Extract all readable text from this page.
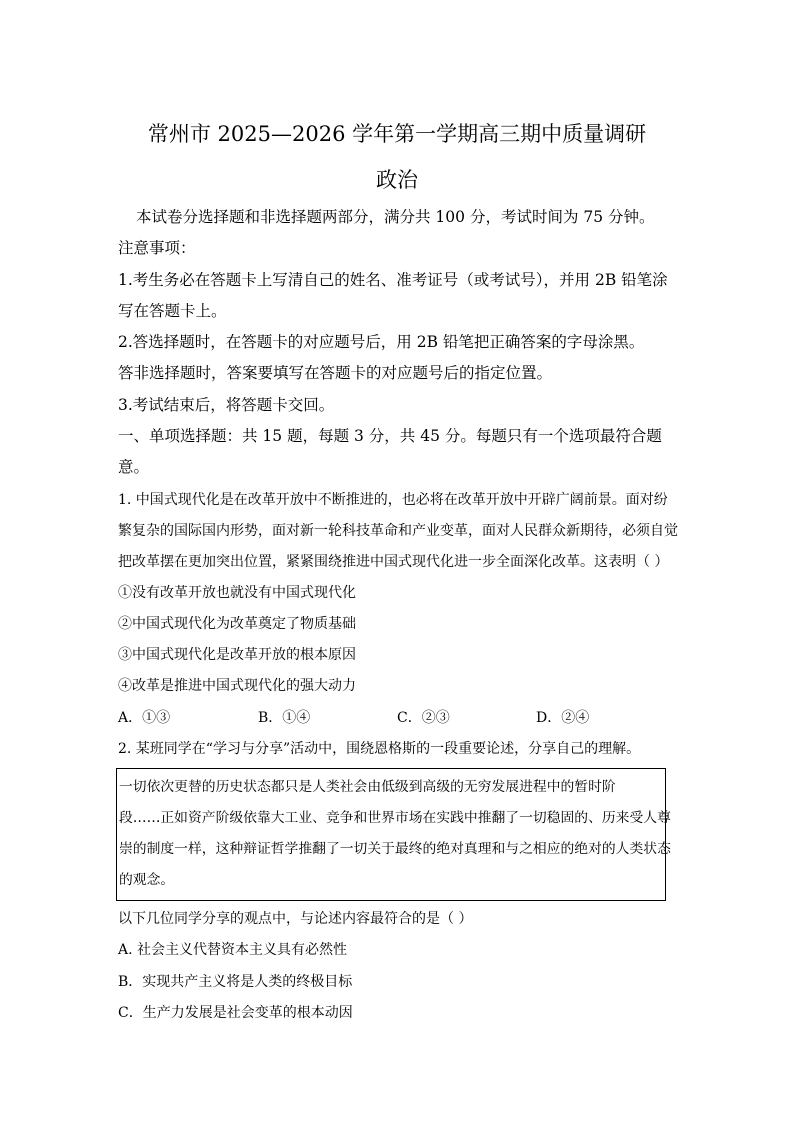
常州市 2025—2026 学年第一学期高三期中质量调研
政治
本试卷分选择题和非选择题两部分，满分共 100 分，考试时间为 75 分钟。
注意事项：
1.考生务必在答题卡上写清自己的姓名、准考证号（或考试号），并用 2B 铅笔涂
写在答题卡上。
2.答选择题时，在答题卡的对应题号后，用 2B 铅笔把正确答案的字母涂黑。
答非选择题时，答案要填写在答题卡的对应题号后的指定位置。
3.考试结束后，将答题卡交回。
一、单项选择题：共 15 题，每题 3 分，共 45 分。每题只有一个选项最符合题
意。
1. 中国式现代化是在改革开放中不断推进的，也必将在改革开放中开辟广阔前景。面对纷
繁复杂的国际国内形势，面对新一轮科技革命和产业变革，面对人民群众新期待，必须自觉
把改革摆在更加突出位置，紧紧围绕推进中国式现代化进一步全面深化改革。这表明（ ）
①没有改革开放也就没有中国式现代化
②中国式现代化为改革奠定了物质基础
③中国式现代化是改革开放的根本原因
④改革是推进中国式现代化的强大动力
A．①③	B．①④	C．②③	D．②④
2. 某班同学在“学习与分享”活动中，围绕恩格斯的一段重要论述，分享自己的理解。
一切依次更替的历史状态都只是人类社会由低级到高级的无穷发展进程中的暂时阶
段……正如资产阶级依靠大工业、竞争和世界市场在实践中推翻了一切稳固的、历来受人尊
崇的制度一样，这种辩证哲学推翻了一切关于最终的绝对真理和与之相应的绝对的人类状态
的观念。
以下几位同学分享的观点中，与论述内容最符合的是（ ）
A. 社会主义代替资本主义具有必然性
B．实现共产主义将是人类的终极目标
C．生产力发展是社会变革的根本动因
